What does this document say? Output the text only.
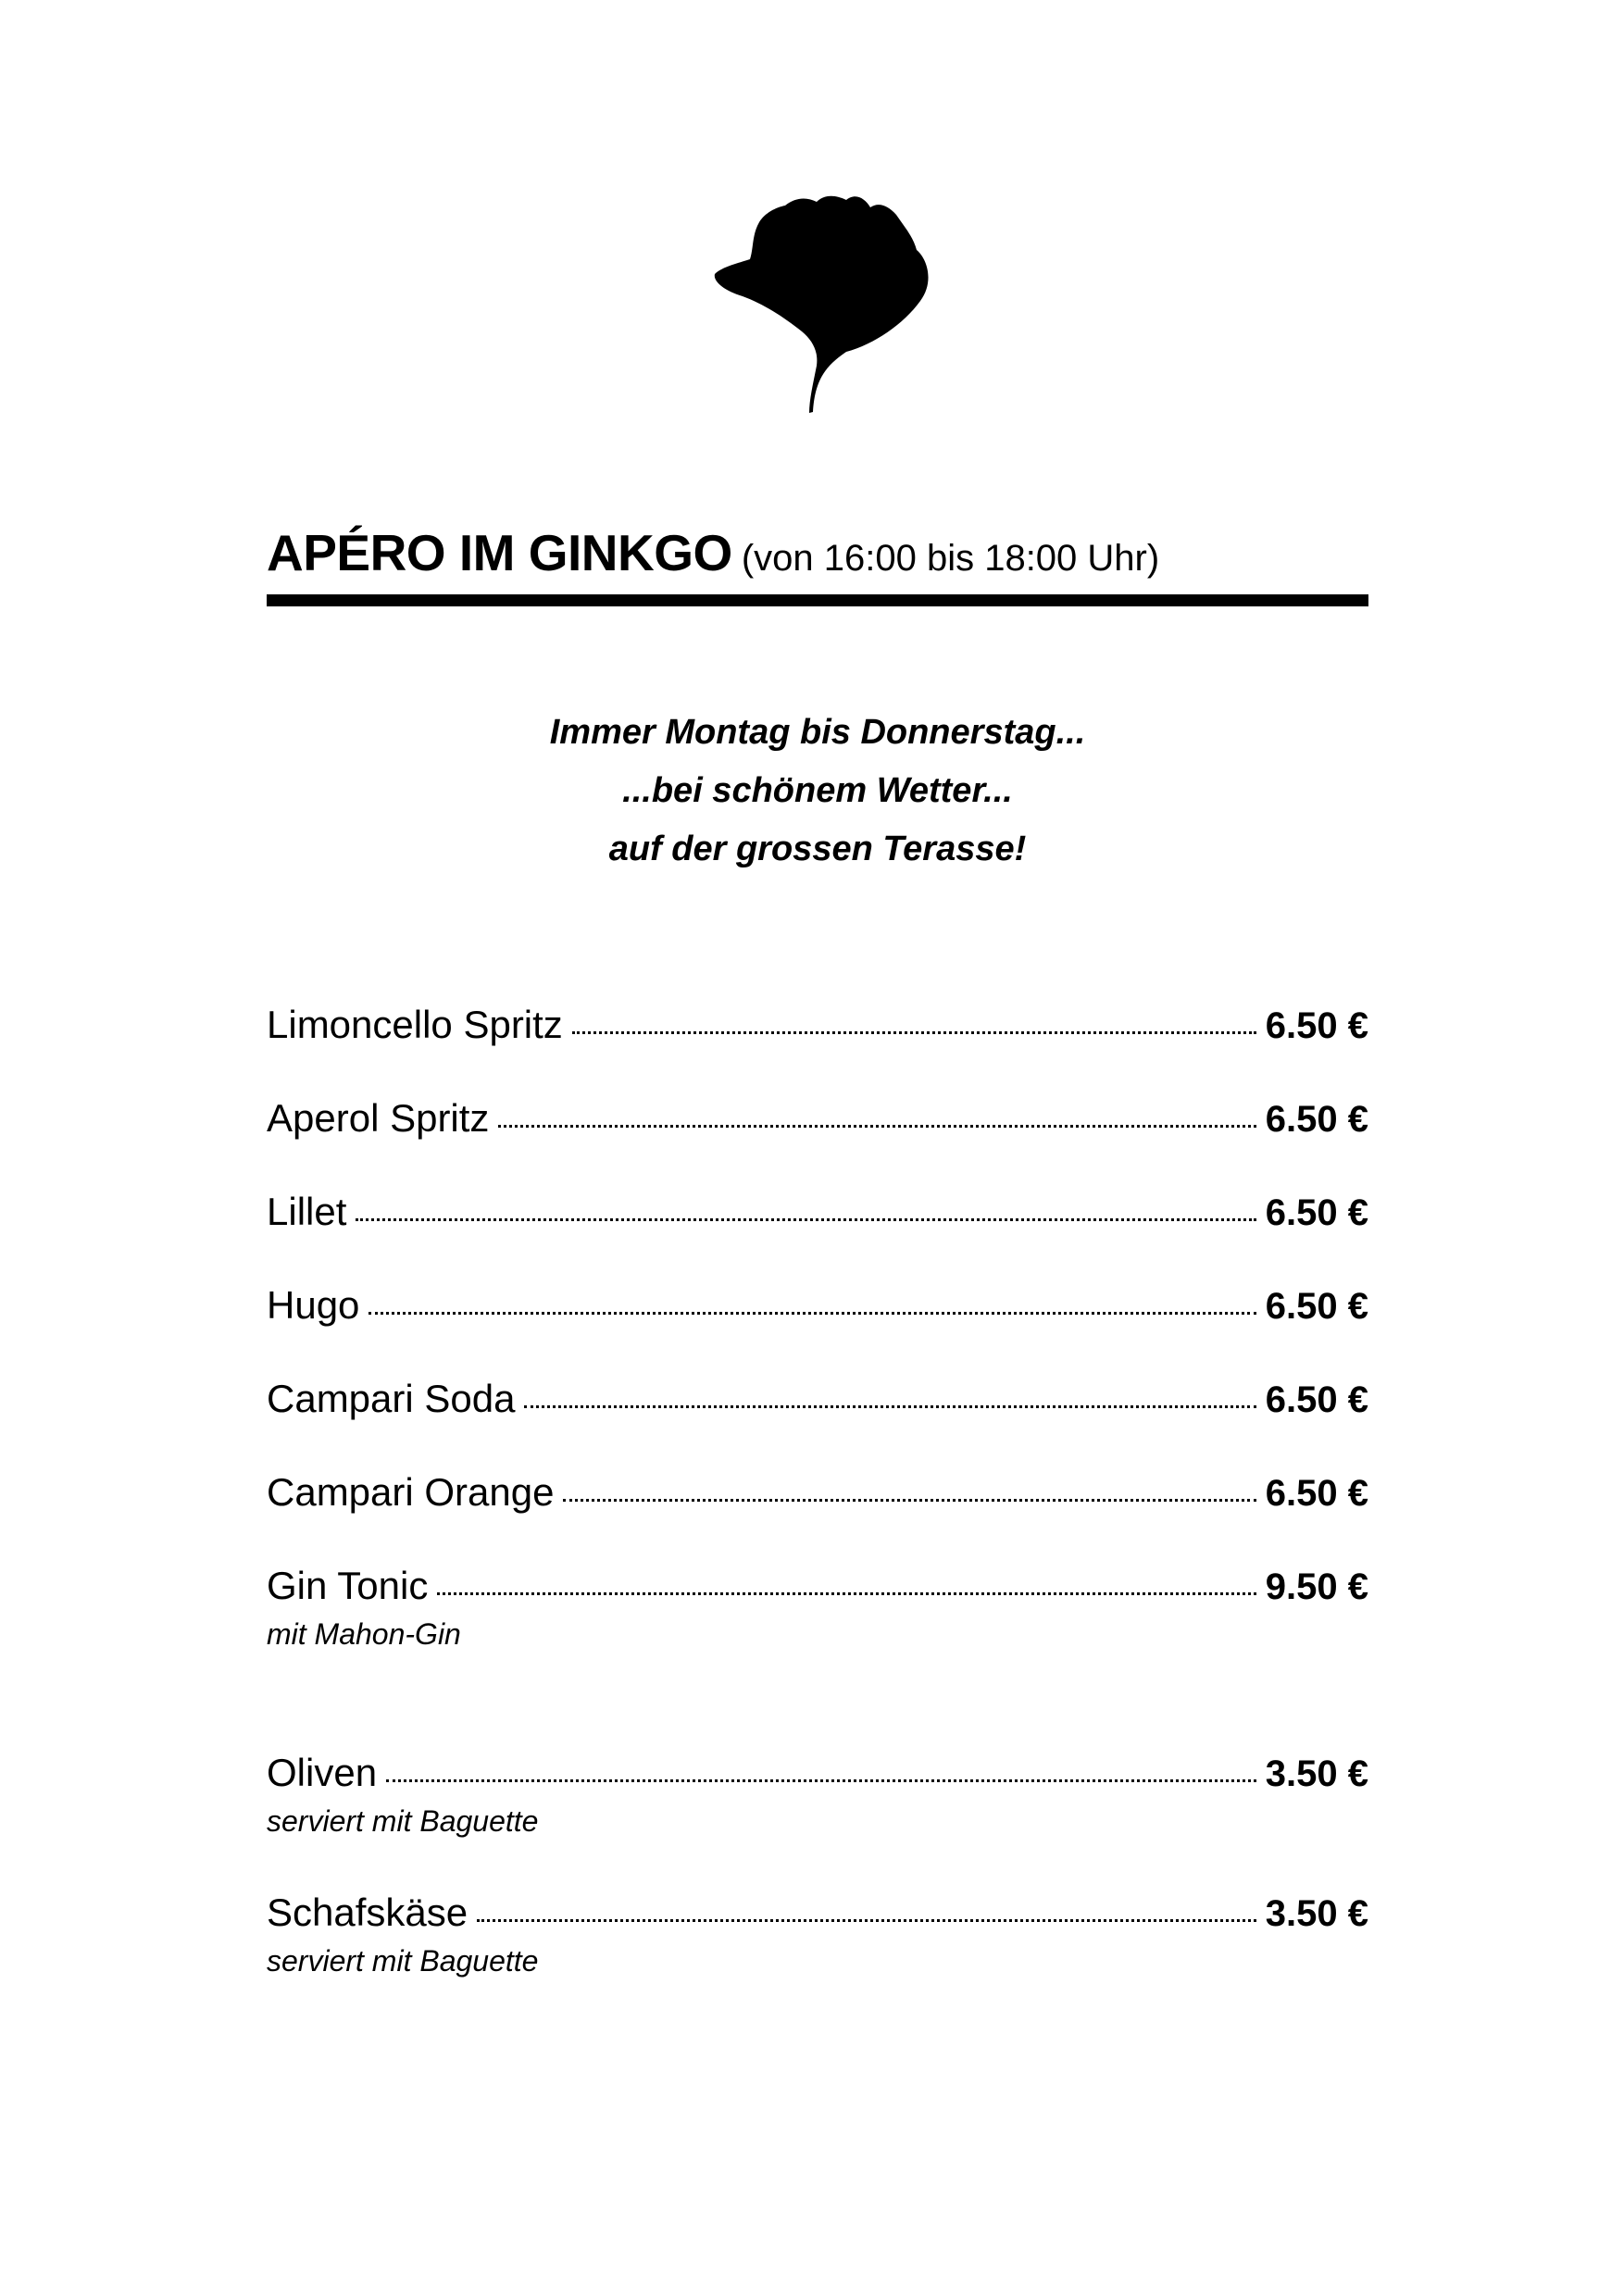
APÉRO IM GINKGO (von 16:00 bis 18:00 Uhr)
Immer Montag bis Donnerstag...
...bei schönem Wetter...
auf der grossen Terasse!
Limoncello Spritz	6.50 €
Aperol Spritz	6.50 €
Lillet	6.50 €
Hugo	6.50 €
Campari Soda	6.50 €
Campari Orange	6.50 €
Gin Tonic	9.50 €
mit Mahon-Gin
Oliven	3.50 €
serviert mit Baguette
Schafskäse	3.50 €
serviert mit Baguette
